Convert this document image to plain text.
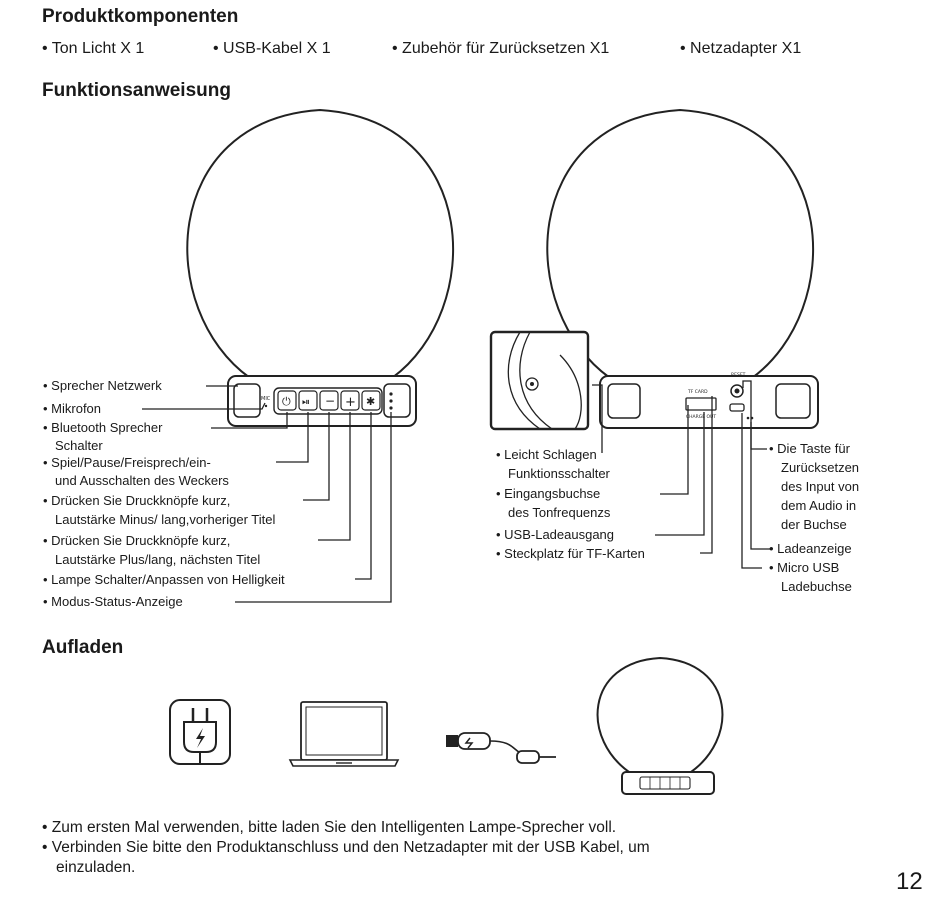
Produktkomponenten
Funktionsanweisung
Aufladen
• Ton Licht X 1	• USB-Kabel X 1	• Zubehör für Zurücksetzen X1	• Netzadapter X1
MIC ⏻ ⏯ − + ✱
TF CARD
CHARGE OUT
RESET
• Sprecher Netzwerk
• Mikrofon
• Bluetooth Sprecher
Schalter
• Spiel/Pause/Freisprech/ein-
und Ausschalten des Weckers
• Drücken Sie Druckknöpfe kurz,
Lautstärke Minus/ lang,vorheriger Titel
• Drücken Sie Druckknöpfe kurz,
Lautstärke Plus/lang, nächsten Titel
• Lampe Schalter/Anpassen von Helligkeit
• Modus-Status-Anzeige
• Leicht Schlagen
Funktionsschalter
• Eingangsbuchse
des Tonfrequenzs
• USB-Ladeausgang
• Steckplatz für TF-Karten
• Die Taste für
Zurücksetzen
des Input von
dem Audio in
der Buchse
• Ladeanzeige
• Micro USB
Ladebuchse
• Zum ersten Mal verwenden, bitte laden Sie den Intelligenten Lampe-Sprecher voll.
• Verbinden Sie bitte den Produktanschluss und den Netzadapter mit der USB Kabel, um
einzuladen.
12
